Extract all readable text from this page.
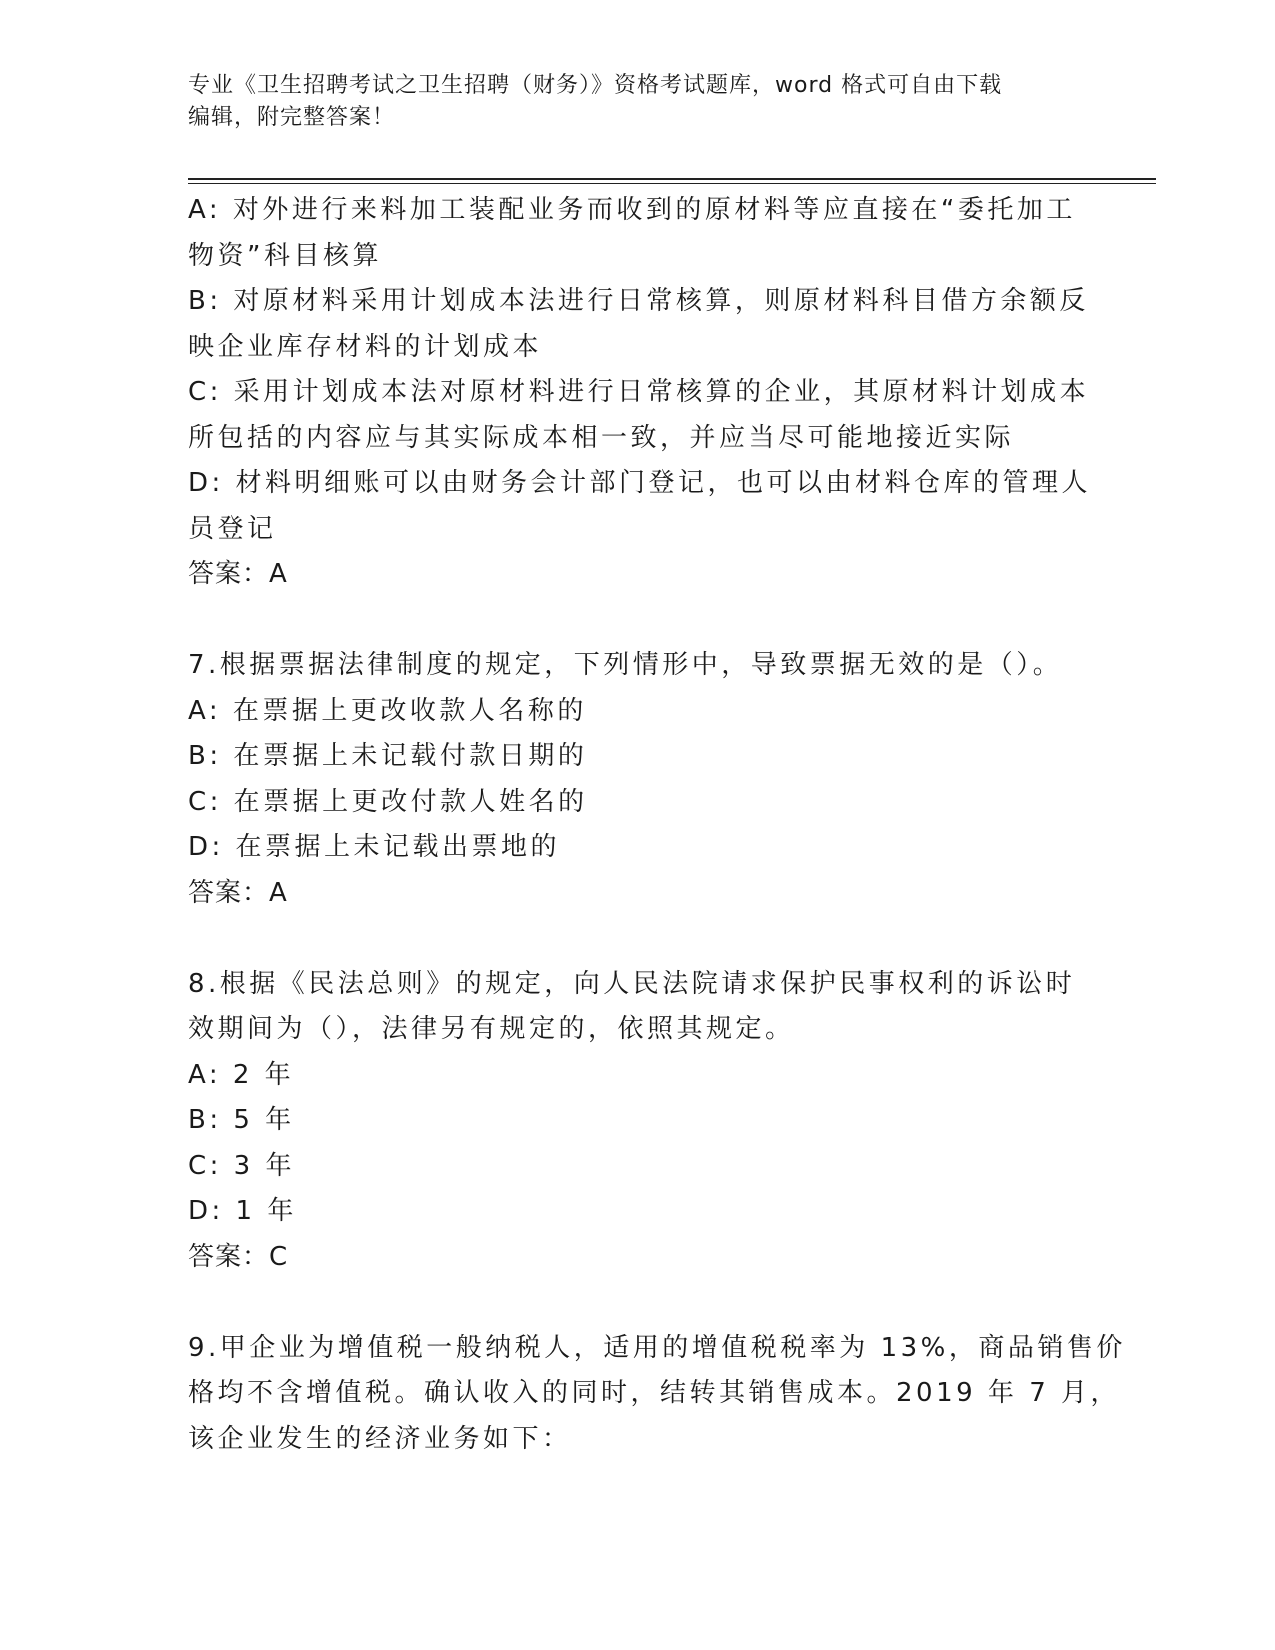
专业《卫生招聘考试之卫生招聘（财务）》资格考试题库，word 格式可自由下载
编辑，附完整答案！
A: 对外进行来料加工装配业务而收到的原材料等应直接在“委托加工
物资”科目核算
B: 对原材料采用计划成本法进行日常核算，则原材料科目借方余额反
映企业库存材料的计划成本
C: 采用计划成本法对原材料进行日常核算的企业，其原材料计划成本
所包括的内容应与其实际成本相一致，并应当尽可能地接近实际
D: 材料明细账可以由财务会计部门登记，也可以由材料仓库的管理人
员登记
答案：A
7.根据票据法律制度的规定，下列情形中，导致票据无效的是（）。
A: 在票据上更改收款人名称的
B: 在票据上未记载付款日期的
C: 在票据上更改付款人姓名的
D: 在票据上未记载出票地的
答案：A
8.根据《民法总则》的规定，向人民法院请求保护民事权利的诉讼时
效期间为（），法律另有规定的，依照其规定。
A: 2 年
B: 5 年
C: 3 年
D: 1 年
答案：C
9.甲企业为增值税一般纳税人，适用的增值税税率为 13%，商品销售价
格均不含增值税。确认收入的同时，结转其销售成本。2019 年 7 月，
该企业发生的经济业务如下：
